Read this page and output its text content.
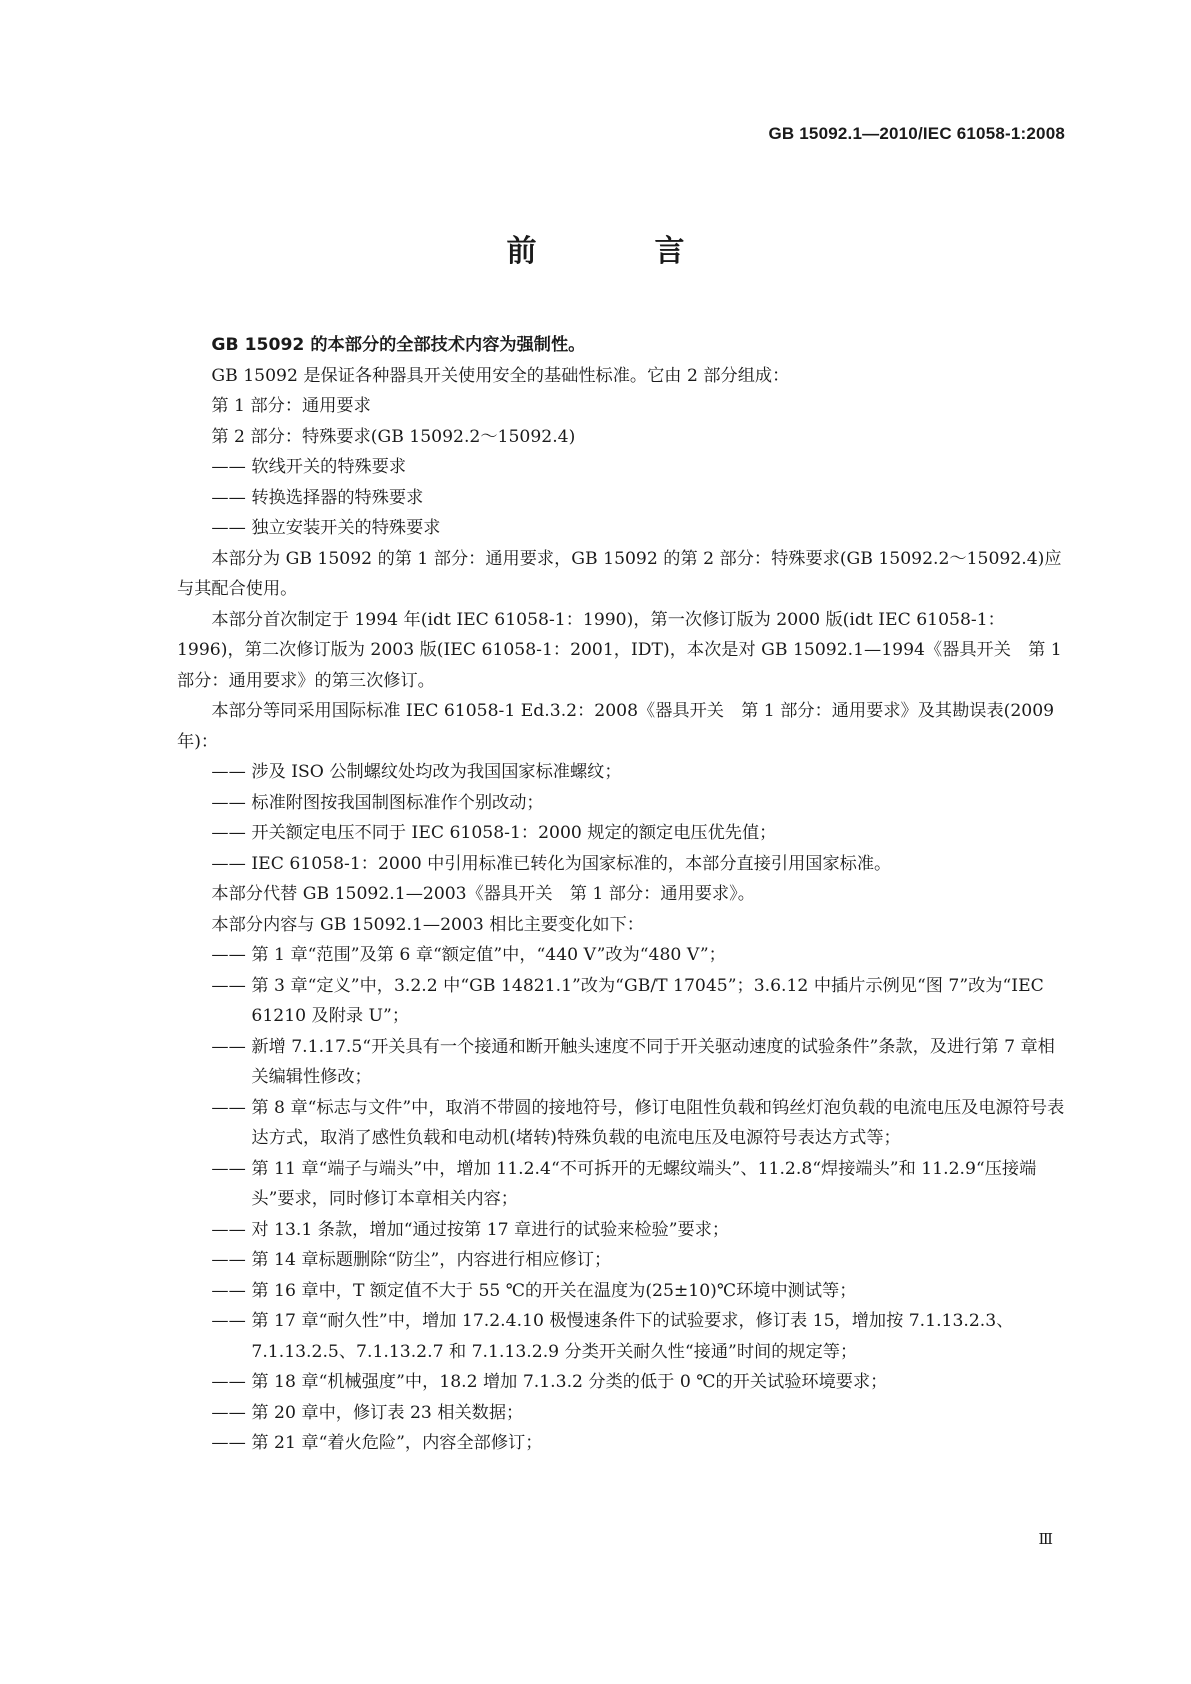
GB 15092.1—2010/IEC 61058-1:2008
前　言

GB 15092 的本部分的全部技术内容为强制性。

GB 15092 是保证各种器具开关使用安全的基础性标准。它由 2 部分组成：

第 1 部分：通用要求

第 2 部分：特殊要求(GB 15092.2～15092.4)

—— 软线开关的特殊要求

—— 转换选择器的特殊要求

—— 独立安装开关的特殊要求

本部分为 GB 15092 的第 1 部分：通用要求，GB 15092 的第 2 部分：特殊要求(GB 15092.2～15092.4)应与其配合使用。

本部分首次制定于 1994 年(idt IEC 61058-1：1990)，第一次修订版为 2000 版(idt IEC 61058-1：1996)，第二次修订版为 2003 版(IEC 61058-1：2001，IDT)，本次是对 GB 15092.1—1994《器具开关　第 1 部分：通用要求》的第三次修订。

本部分等同采用国际标准 IEC 61058-1 Ed.3.2：2008《器具开关　第 1 部分：通用要求》及其勘误表(2009 年)：

—— 涉及 ISO 公制螺纹处均改为我国国家标准螺纹；

—— 标准附图按我国制图标准作个别改动；

—— 开关额定电压不同于 IEC 61058-1：2000 规定的额定电压优先值；

—— IEC 61058-1：2000 中引用标准已转化为国家标准的，本部分直接引用国家标准。

本部分代替 GB 15092.1—2003《器具开关　第 1 部分：通用要求》。

本部分内容与 GB 15092.1—2003 相比主要变化如下：

—— 第 1 章“范围”及第 6 章“额定值”中，“440 V”改为“480 V”；

—— 第 3 章“定义”中，3.2.2 中“GB 14821.1”改为“GB/T 17045”；3.6.12 中插片示例见“图 7”改为“IEC 61210 及附录 U”；

—— 新增 7.1.17.5“开关具有一个接通和断开触头速度不同于开关驱动速度的试验条件”条款，及进行第 7 章相关编辑性修改；

—— 第 8 章“标志与文件”中，取消不带圆的接地符号，修订电阻性负载和钨丝灯泡负载的电流电压及电源符号表达方式，取消了感性负载和电动机(堵转)特殊负载的电流电压及电源符号表达方式等；

—— 第 11 章“端子与端头”中，增加 11.2.4“不可拆开的无螺纹端头”、11.2.8“焊接端头”和 11.2.9“压接端头”要求，同时修订本章相关内容；

—— 对 13.1 条款，增加“通过按第 17 章进行的试验来检验”要求；

—— 第 14 章标题删除“防尘”，内容进行相应修订；

—— 第 16 章中，T 额定值不大于 55 ℃的开关在温度为(25±10)℃环境中测试等；

—— 第 17 章“耐久性”中，增加 17.2.4.10 极慢速条件下的试验要求，修订表 15，增加按 7.1.13.2.3、7.1.13.2.5、7.1.13.2.7 和 7.1.13.2.9 分类开关耐久性“接通”时间的规定等；

—— 第 18 章“机械强度”中，18.2 增加 7.1.3.2 分类的低于 0 ℃的开关试验环境要求；

—— 第 20 章中，修订表 23 相关数据；

—— 第 21 章“着火危险”，内容全部修订；

Ⅲ
